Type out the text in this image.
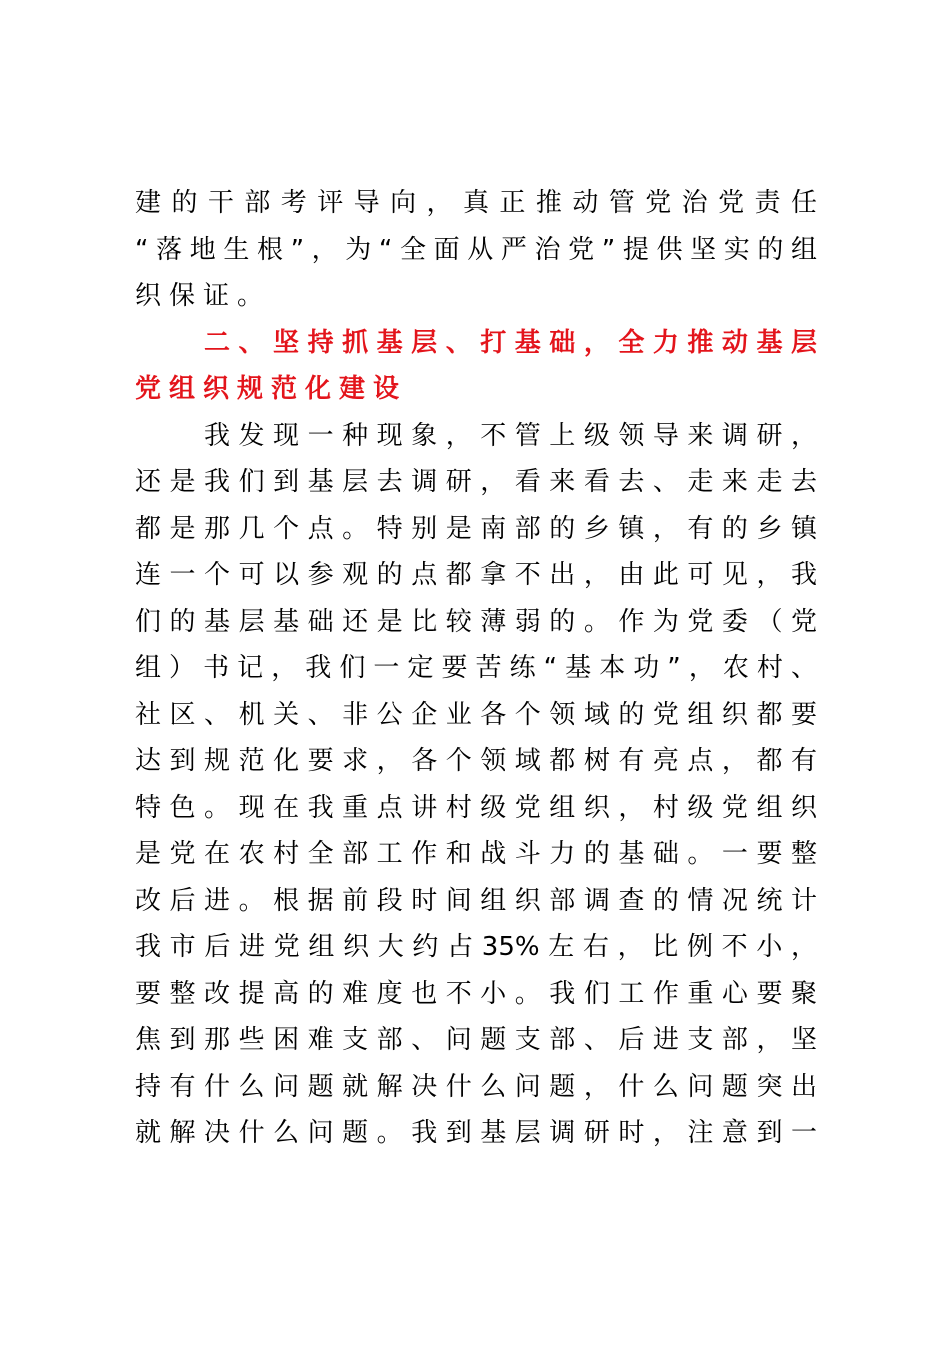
建的干部考评导向，真正推动管党治党责任
“落地生根”，为“全面从严治党”提供坚实的组
织保证。
二、坚持抓基层、打基础，全力推动基层
党组织规范化建设
我发现一种现象，不管上级领导来调研，
还是我们到基层去调研，看来看去、走来走去
都是那几个点。特别是南部的乡镇，有的乡镇
连一个可以参观的点都拿不出，由此可见，我
们的基层基础还是比较薄弱的。作为党委（党
组）书记，我们一定要苦练“基本功”，农村、
社区、机关、非公企业各个领域的党组织都要
达到规范化要求，各个领域都树有亮点，都有
特色。现在我重点讲村级党组织，村级党组织
是党在农村全部工作和战斗力的基础。一要整
改后进。根据前段时间组织部调查的情况统计
我市后进党组织大约占35%左右，比例不小，
要整改提高的难度也不小。我们工作重心要聚
焦到那些困难支部、问题支部、后进支部，坚
持有什么问题就解决什么问题，什么问题突出
就解决什么问题。我到基层调研时，注意到一
